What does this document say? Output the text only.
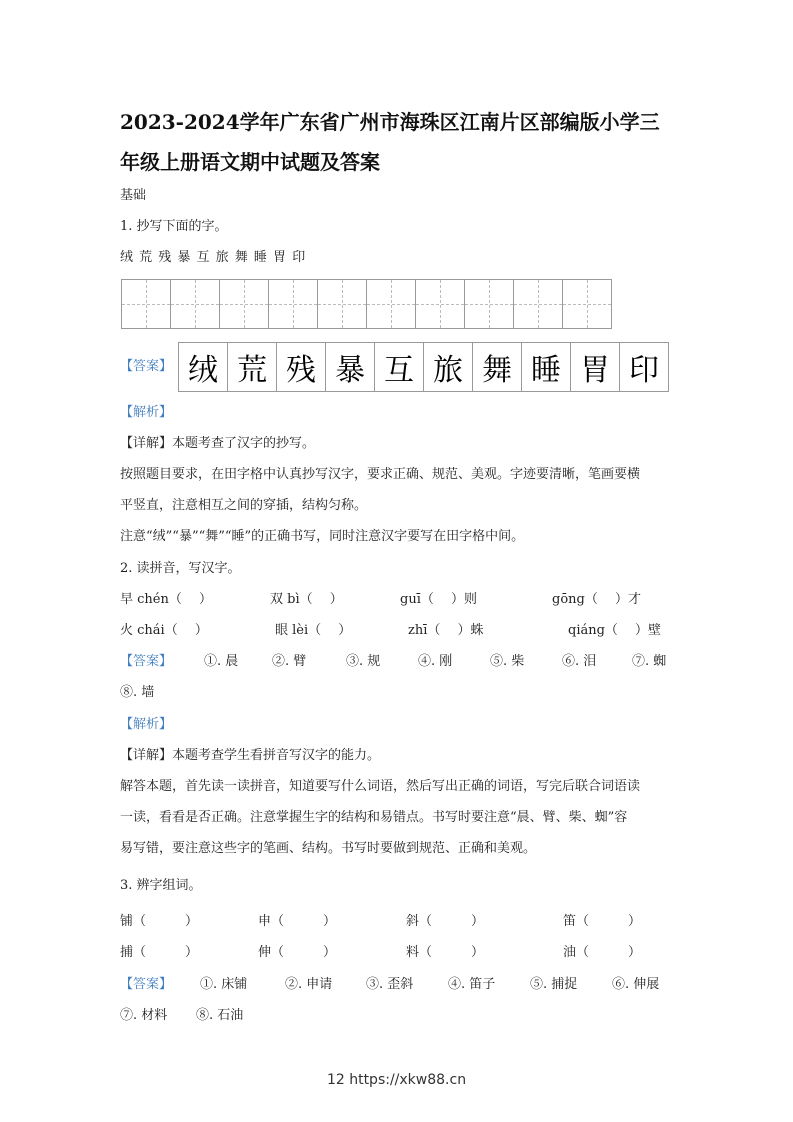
2023-2024学年广东省广州市海珠区江南片区部编版小学三
年级上册语文期中试题及答案
基础
1. 抄写下面的字。
绒 荒 残 暴 互 旅 舞 睡 胃 印
【答案】 绒 荒 残 暴 互 旅 舞 睡 胃 印
【解析】
【详解】本题考查了汉字的抄写。
按照题目要求，在田字格中认真抄写汉字，要求正确、规范、美观。字迹要清晰，笔画要横
平竖直，注意相互之间的穿插，结构匀称。
注意“绒”“暴”“舞”“睡”的正确书写，同时注意汉字要写在田字格中间。
2. 读拼音，写汉字。
早 chén（　 ）	双 bì（　 ）	guī（　 ）则	gōng（　 ）才
火 chái（　 ）	眼 lèi（　 ）	zhī（　 ）蛛	qiáng（　 ）壁
【答案】 ①. 晨	②. 臂	③. 规	④. 刚	⑤. 柴	⑥. 泪	⑦. 蜘
⑧. 墙
【解析】
【详解】本题考查学生看拼音写汉字的能力。
解答本题，首先读一读拼音，知道要写什么词语，然后写出正确的词语，写完后联合词语读
一读，看看是否正确。注意掌握生字的结构和易错点。书写时要注意“晨、臂、柴、蜘”容
易写错，要注意这些字的笔画、结构。书写时要做到规范、正确和美观。
3. 辨字组词。
铺（　　　）	申（　　　）	斜（　　　）	笛（　　　）
捕（　　　）	伸（　　　）	料（　　　）	油（　　　）
【答案】 ①. 床铺	②. 申请	③. 歪斜	④. 笛子	⑤. 捕捉	⑥. 伸展
⑦. 材料 ⑧. 石油
12 https://xkw88.cn
